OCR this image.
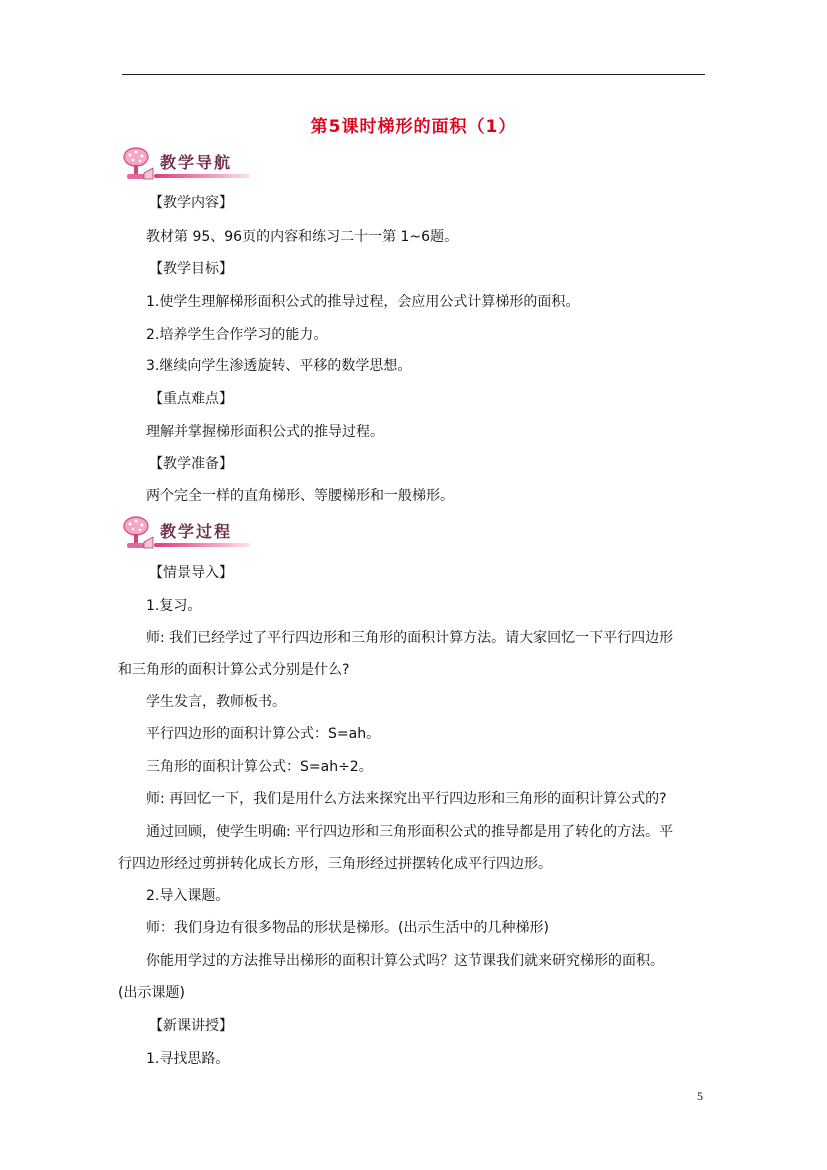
第5课时梯形的面积（1）
教学导航
【教学内容】
教材第 95、96页的内容和练习二十一第 1~6题。
【教学目标】
1.使学生理解梯形面积公式的推导过程，会应用公式计算梯形的面积。
2.培养学生合作学习的能力。
3.继续向学生渗透旋转、平移的数学思想。
【重点难点】
理解并掌握梯形面积公式的推导过程。
【教学准备】
两个完全一样的直角梯形、等腰梯形和一般梯形。
教学过程
【情景导入】
1.复习。
师: 我们已经学过了平行四边形和三角形的面积计算方法。请大家回忆一下平行四边形
和三角形的面积计算公式分别是什么?
学生发言，教师板书。
平行四边形的面积计算公式：S=ah。
三角形的面积计算公式：S=ah÷2。
师: 再回忆一下，我们是用什么方法来探究出平行四边形和三角形的面积计算公式的?
通过回顾，使学生明确: 平行四边形和三角形面积公式的推导都是用了转化的方法。平
行四边形经过剪拼转化成长方形，三角形经过拼摆转化成平行四边形。
2.导入课题。
师：我们身边有很多物品的形状是梯形。(出示生活中的几种梯形)
你能用学过的方法推导出梯形的面积计算公式吗？这节课我们就来研究梯形的面积。
(出示课题)
【新课讲授】
1.寻找思路。
5
